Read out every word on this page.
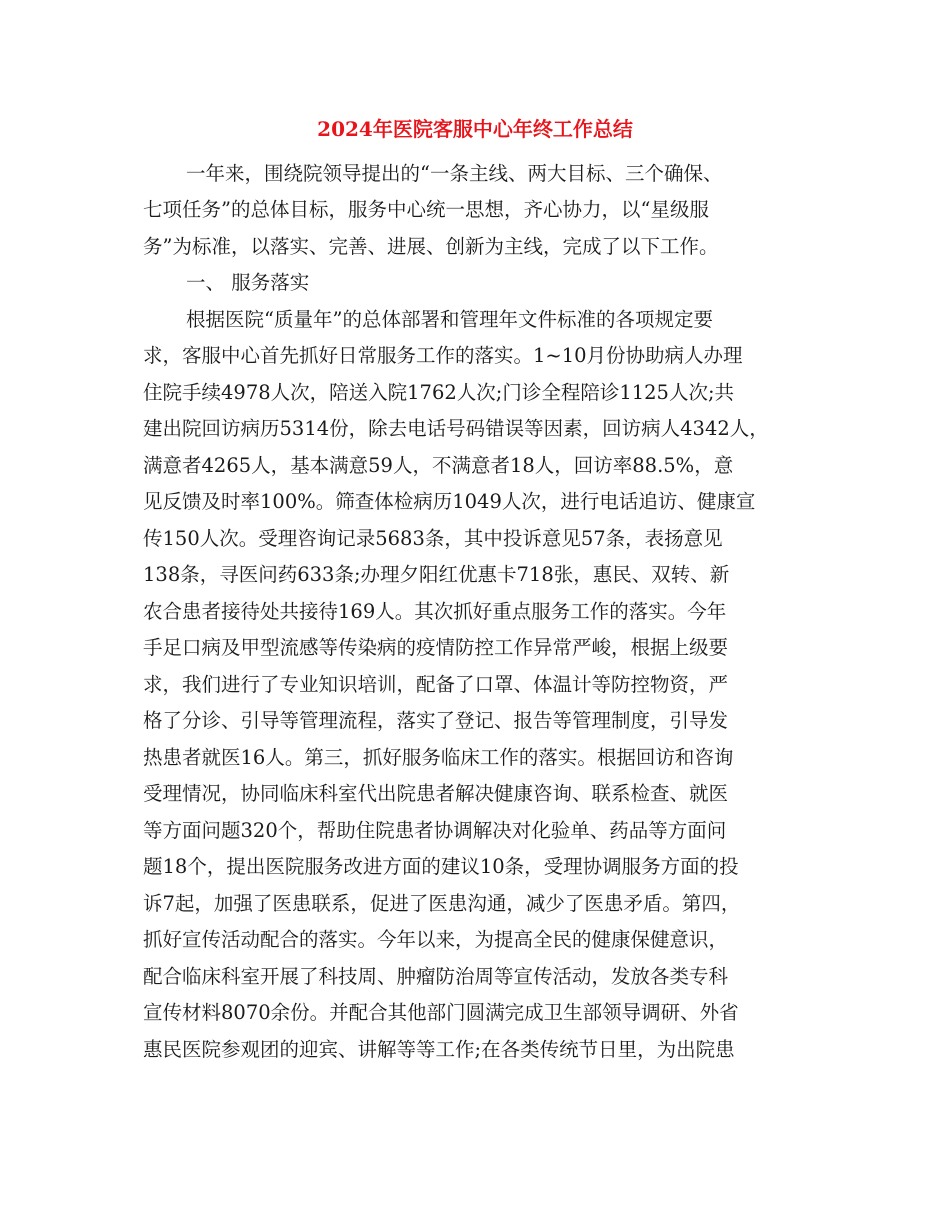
2024年医院客服中心年终工作总结
一年来，围绕院领导提出的“一条主线、两大目标、三个确保、
七项任务”的总体目标，服务中心统一思想，齐心协力，以“星级服
务”为标准，以落实、完善、进展、创新为主线，完成了以下工作。
一、 服务落实
根据医院“质量年”的总体部署和管理年文件标准的各项规定要
求，客服中心首先抓好日常服务工作的落实。1~10月份协助病人办理
住院手续4978人次，陪送入院1762人次;门诊全程陪诊1125人次;共
建出院回访病历5314份，除去电话号码错误等因素，回访病人4342人，
满意者4265人，基本满意59人，不满意者18人，回访率88.5%，意
见反馈及时率100%。筛查体检病历1049人次，进行电话追访、健康宣
传150人次。受理咨询记录5683条，其中投诉意见57条，表扬意见
138条，寻医问药633条;办理夕阳红优惠卡718张，惠民、双转、新
农合患者接待处共接待169人。其次抓好重点服务工作的落实。今年
手足口病及甲型流感等传染病的疫情防控工作异常严峻，根据上级要
求，我们进行了专业知识培训，配备了口罩、体温计等防控物资，严
格了分诊、引导等管理流程，落实了登记、报告等管理制度，引导发
热患者就医16人。第三，抓好服务临床工作的落实。根据回访和咨询
受理情况，协同临床科室代出院患者解决健康咨询、联系检查、就医
等方面问题320个，帮助住院患者协调解决对化验单、药品等方面问
题18个，提出医院服务改进方面的建议10条，受理协调服务方面的投
诉7起，加强了医患联系，促进了医患沟通，减少了医患矛盾。第四，
抓好宣传活动配合的落实。今年以来，为提高全民的健康保健意识，
配合临床科室开展了科技周、肿瘤防治周等宣传活动，发放各类专科
宣传材料8070余份。并配合其他部门圆满完成卫生部领导调研、外省
惠民医院参观团的迎宾、讲解等等工作;在各类传统节日里，为出院患
